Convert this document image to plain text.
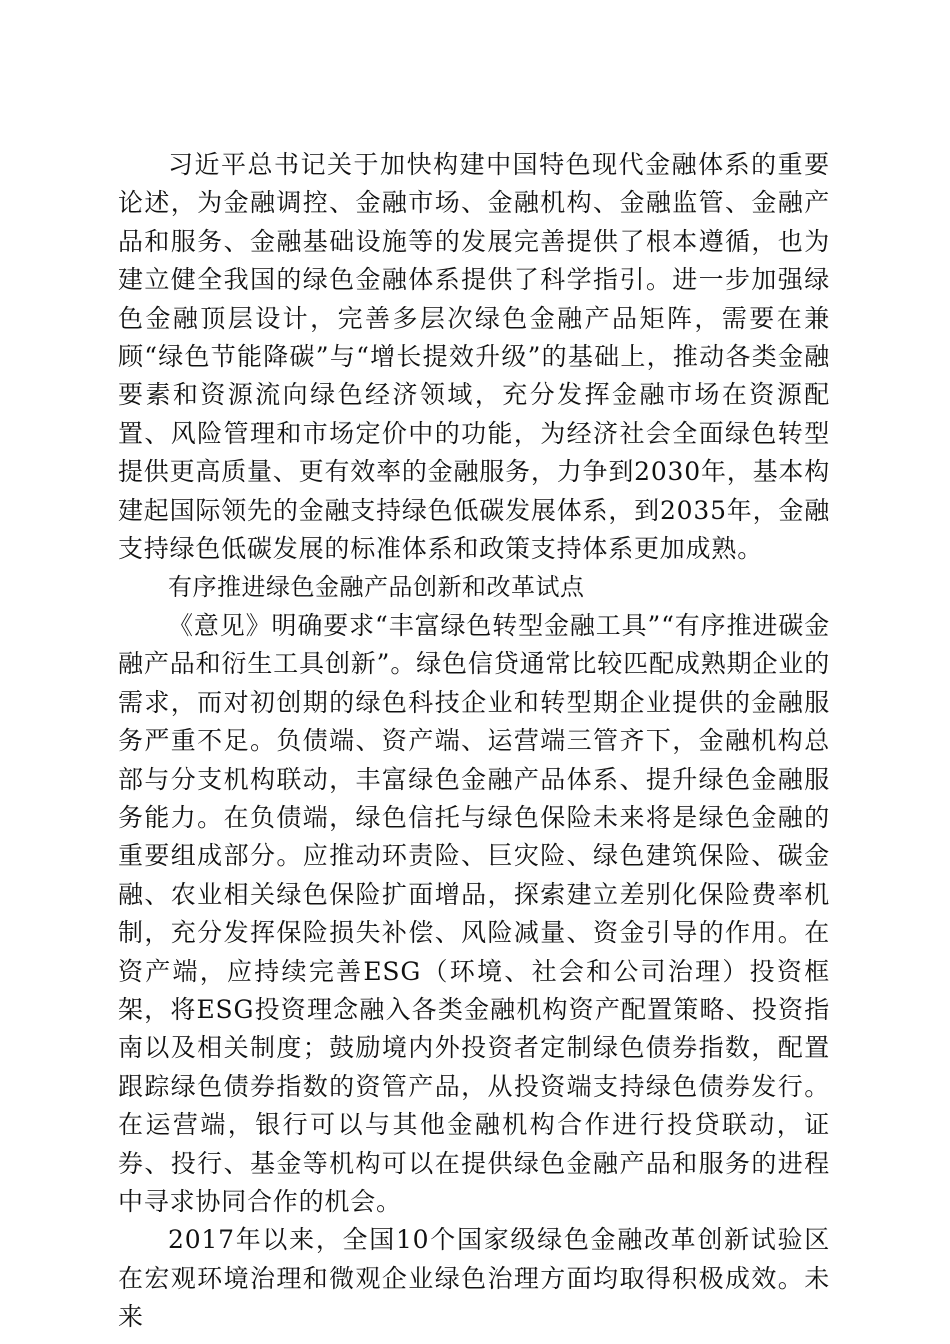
习近平总书记关于加快构建中国特色现代金融体系的重要论述，为金融调控、金融市场、金融机构、金融监管、金融产品和服务、金融基础设施等的发展完善提供了根本遵循，也为建立健全我国的绿色金融体系提供了科学指引。进一步加强绿色金融顶层设计，完善多层次绿色金融产品矩阵，需要在兼顾“绿色节能降碳”与“增长提效升级”的基础上，推动各类金融要素和资源流向绿色经济领域，充分发挥金融市场在资源配置、风险管理和市场定价中的功能，为经济社会全面绿色转型提供更高质量、更有效率的金融服务，力争到2030年，基本构建起国际领先的金融支持绿色低碳发展体系，到2035年，金融支持绿色低碳发展的标准体系和政策支持体系更加成熟。

有序推进绿色金融产品创新和改革试点

《意见》明确要求“丰富绿色转型金融工具”“有序推进碳金融产品和衍生工具创新”。绿色信贷通常比较匹配成熟期企业的需求，而对初创期的绿色科技企业和转型期企业提供的金融服务严重不足。负债端、资产端、运营端三管齐下，金融机构总部与分支机构联动，丰富绿色金融产品体系、提升绿色金融服务能力。在负债端，绿色信托与绿色保险未来将是绿色金融的重要组成部分。应推动环责险、巨灾险、绿色建筑保险、碳金融、农业相关绿色保险扩面增品，探索建立差别化保险费率机制，充分发挥保险损失补偿、风险减量、资金引导的作用。在资产端，应持续完善ESG（环境、社会和公司治理）投资框架，将ESG投资理念融入各类金融机构资产配置策略、投资指南以及相关制度；鼓励境内外投资者定制绿色债券指数，配置跟踪绿色债券指数的资管产品，从投资端支持绿色债券发行。在运营端，银行可以与其他金融机构合作进行投贷联动，证券、投行、基金等机构可以在提供绿色金融产品和服务的进程中寻求协同合作的机会。

2017年以来，全国10个国家级绿色金融改革创新试验区在宏观环境治理和微观企业绿色治理方面均取得积极成效。未来
